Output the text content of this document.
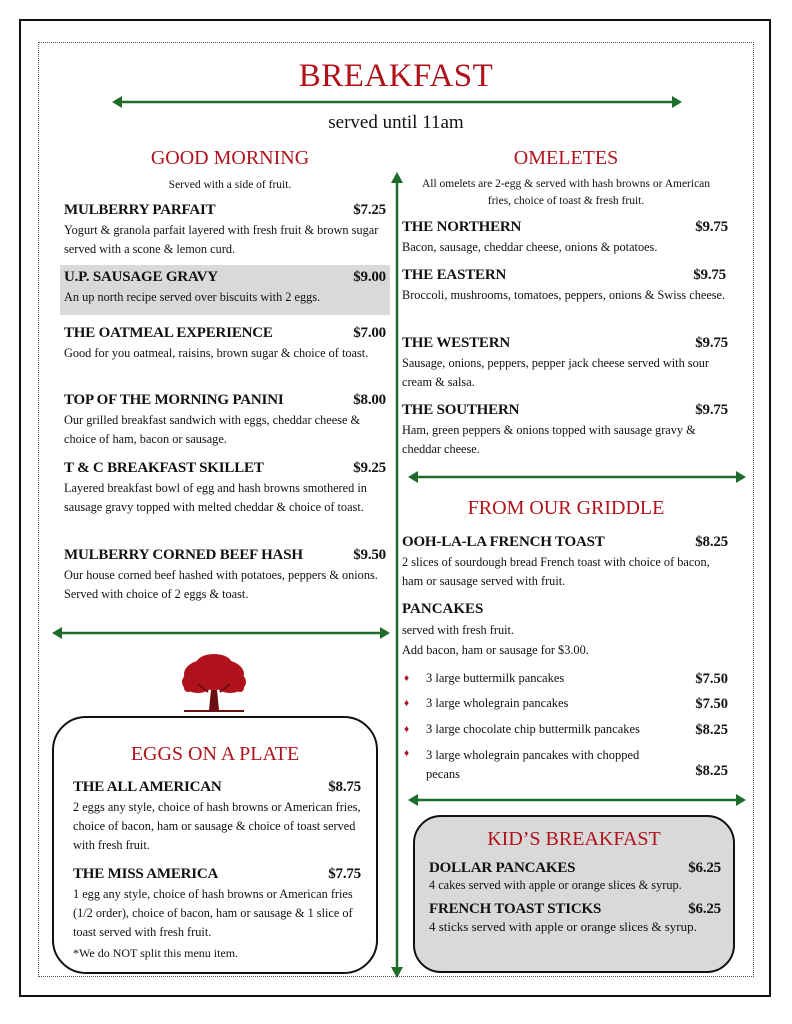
BREAKFAST
served until 11am
GOOD MORNING
Served with a side of fruit.
MULBERRY PARFAIT	$7.25
Yogurt & granola parfait layered with fresh fruit & brown sugar served with a scone & lemon curd.
U.P. SAUSAGE GRAVY	$9.00
An up north recipe served over biscuits with 2 eggs.
THE OATMEAL EXPERIENCE	$7.00
Good for you oatmeal, raisins, brown sugar & choice of toast.
TOP OF THE MORNING PANINI	$8.00
Our grilled breakfast sandwich with eggs, cheddar cheese & choice of ham, bacon or sausage.
T & C BREAKFAST SKILLET	$9.25
Layered breakfast bowl of egg and hash browns smothered in sausage gravy topped with melted cheddar & choice of toast.
MULBERRY CORNED BEEF HASH	$9.50
Our house corned beef hashed with potatoes, peppers & onions. Served with choice of 2 eggs & toast.
EGGS ON A PLATE
THE ALL AMERICAN	$8.75
2 eggs any style, choice of hash browns or American fries, choice of bacon, ham or sausage & choice of toast served with fresh fruit.
THE MISS AMERICA	$7.75
1 egg any style, choice of hash browns or American fries (1/2 order), choice of bacon, ham or sausage & 1 slice of toast served with fresh fruit.
*We do NOT split this menu item.
OMELETES
All omelets are 2-egg & served with hash browns or American fries, choice of toast & fresh fruit.
THE NORTHERN	$9.75
Bacon, sausage, cheddar cheese, onions & potatoes.
THE EASTERN	$9.75
Broccoli, mushrooms, tomatoes, peppers, onions & Swiss cheese.
THE WESTERN	$9.75
Sausage, onions, peppers, pepper jack cheese served with sour cream & salsa.
THE SOUTHERN	$9.75
Ham, green peppers & onions topped with sausage gravy & cheddar cheese.
FROM OUR GRIDDLE
OOH-LA-LA FRENCH TOAST	$8.25
2 slices of sourdough bread French toast with choice of bacon, ham or sausage served with fruit.
PANCAKES
served with fresh fruit.
Add bacon, ham or sausage for $3.00.
♦	3 large buttermilk pancakes	$7.50
♦	3 large wholegrain pancakes	$7.50
♦	3 large chocolate chip buttermilk pancakes	$8.25
♦	3 large wholegrain pancakes with chopped pecans	$8.25
KID’S BREAKFAST
DOLLAR PANCAKES	$6.25
4 cakes served with apple or orange slices & syrup.
FRENCH TOAST STICKS	$6.25
4 sticks served with apple or orange slices & syrup.
